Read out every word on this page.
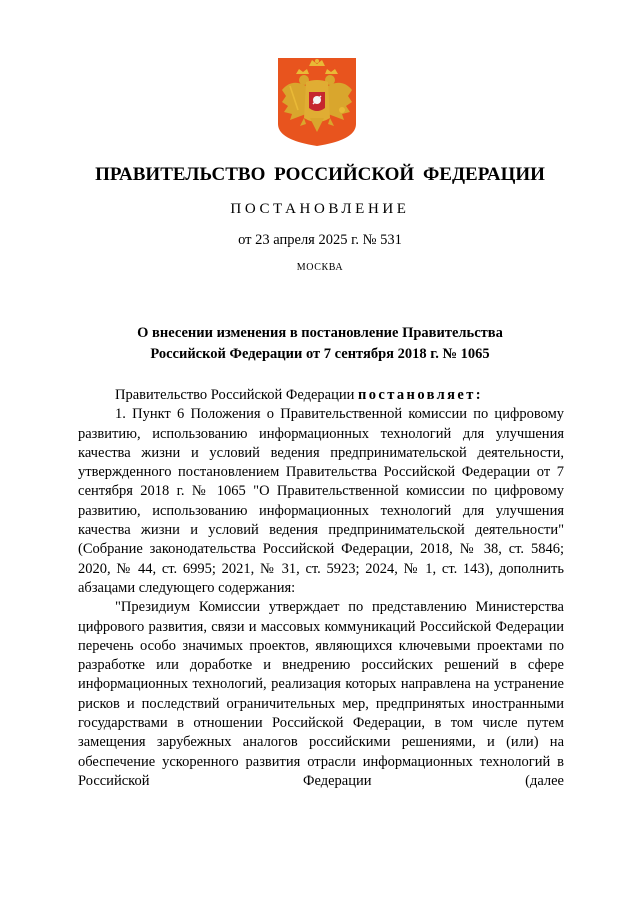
ПРАВИТЕЛЬСТВО РОССИЙСКОЙ ФЕДЕРАЦИИ
ПОСТАНОВЛЕНИЕ
от 23 апреля 2025 г. № 531
МОСКВА
О внесении изменения в постановление Правительства
Российской Федерации от 7 сентября 2018 г. № 1065

Правительство Российской Федерации постановляет:

1. Пункт 6 Положения о Правительственной комиссии по цифровому развитию, использованию информационных технологий для улучшения качества жизни и условий ведения предпринимательской деятельности, утвержденного постановлением Правительства Российской Федерации от 7 сентября 2018 г. № 1065 "О Правительственной комиссии по цифровому развитию, использованию информационных технологий для улучшения качества жизни и условий ведения предпринимательской деятельности" (Собрание законодательства Российской Федерации, 2018, № 38, ст. 5846; 2020, № 44, ст. 6995; 2021, № 31, ст. 5923; 2024, № 1, ст. 143), дополнить абзацами следующего содержания:

"Президиум Комиссии утверждает по представлению Министерства цифрового развития, связи и массовых коммуникаций Российской Федерации перечень особо значимых проектов, являющихся ключевыми проектами по разработке или доработке и внедрению российских решений в сфере информационных технологий, реализация которых направлена на устранение рисков и последствий ограничительных мер, предпринятых иностранными государствами в отношении Российской Федерации, в том числе путем замещения зарубежных аналогов российскими решениями, и (или) на обеспечение ускоренного развития отрасли информационных технологий в Российской Федерации (далее
